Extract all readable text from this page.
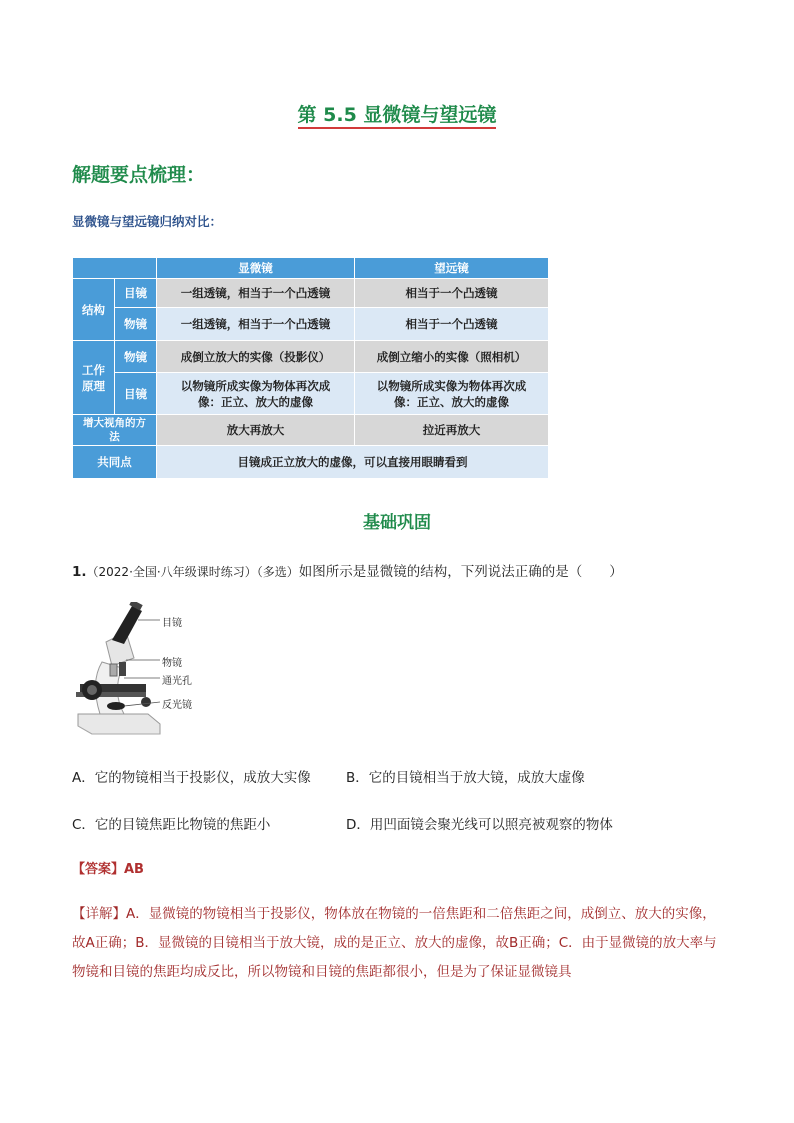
第 5.5 显微镜与望远镜
解题要点梳理：
显微镜与望远镜归纳对比：
		显微镜	望远镜
结构	目镜	一组透镜，相当于一个凸透镜	相当于一个凸透镜
	物镜	一组透镜，相当于一个凸透镜	相当于一个凸透镜
工作原理	物镜	成倒立放大的实像（投影仪）	成倒立缩小的实像（照相机）
	目镜	以物镜所成实像为物体再次成像：正立、放大的虚像	以物镜所成实像为物体再次成像：正立、放大的虚像
增大视角的方法		放大再放大	拉近再放大
共同点		目镜成正立放大的虚像，可以直接用眼睛看到	
基础巩固
1.（2022·全国·八年级课时练习）（多选）如图所示是显微镜的结构，下列说法正确的是（　　）
目镜
物镜
通光孔
反光镜
A．它的物镜相当于投影仪，成放大实像	B．它的目镜相当于放大镜，成放大虚像
C．它的目镜焦距比物镜的焦距小	D．用凹面镜会聚光线可以照亮被观察的物体
【答案】AB
【详解】A．显微镜的物镜相当于投影仪，物体放在物镜的一倍焦距和二倍焦距之间，成倒立、放大的实像，故A正确；B．显微镜的目镜相当于放大镜，成的是正立、放大的虚像，故B正确；C．由于显微镜的放大率与物镜和目镜的焦距均成反比，所以物镜和目镜的焦距都很小，但是为了保证显微镜具
